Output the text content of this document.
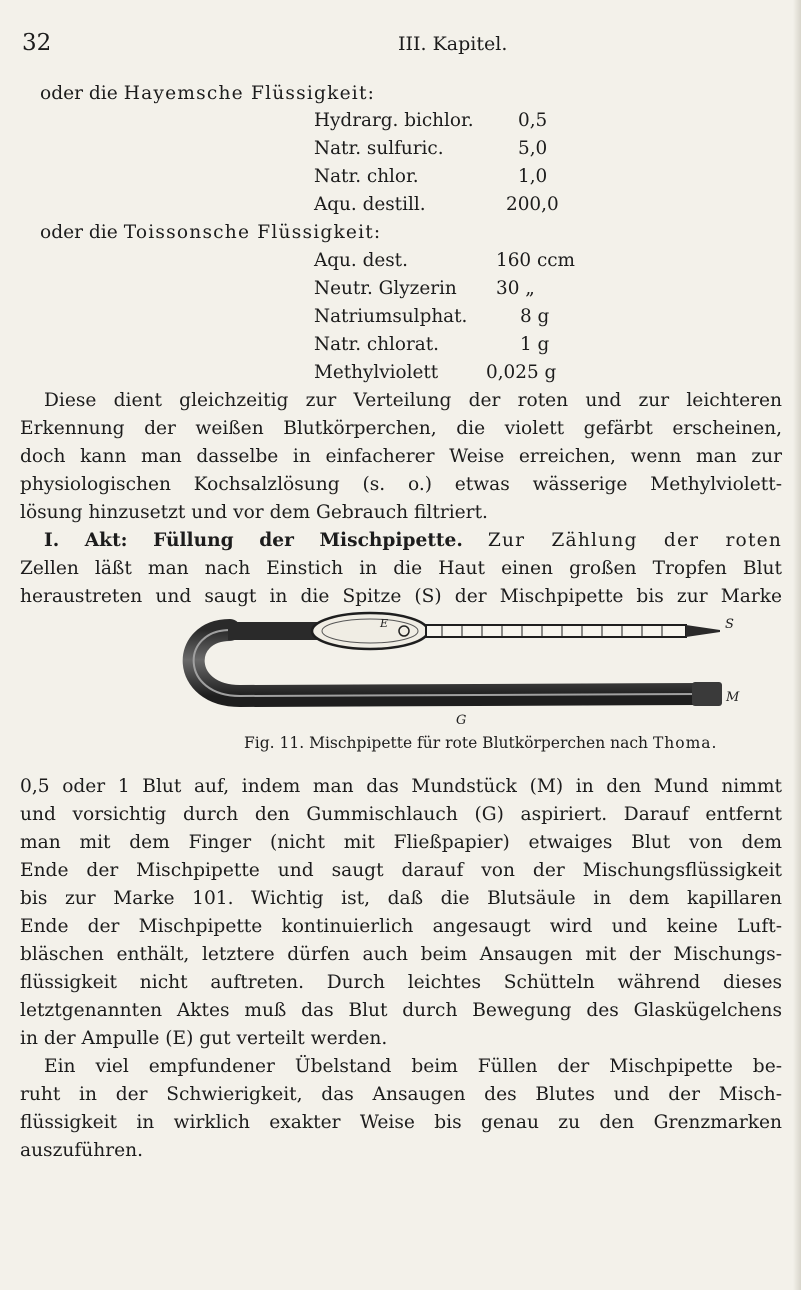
32	III. Kapitel.
oder die Hayemsche Flüssigkeit:
Hydrarg. bichlor. 0,5
Natr. sulfuric.	5,0
Natr. chlor.	1,0
Aqu. destill.	200,0
oder die Toissonsche Flüssigkeit:
Aqu. dest.	160 ccm
Neutr. Glyzerin 30 „
Natriumsulphat.	8 g
Natr. chlorat.	1 g
Methylviolett	0,025 g
Diese dient gleichzeitig zur Verteilung der roten und zur leichteren
Erkennung der weißen Blutkörperchen, die violett gefärbt erscheinen,
doch kann man dasselbe in einfacherer Weise erreichen, wenn man zur
physiologischen Kochsalzlösung (s. o.) etwas wässerige Methylviolett-
lösung hinzusetzt und vor dem Gebrauch filtriert.
I. Akt: Füllung der Mischpipette. Zur Zählung der roten
Zellen läßt man nach Einstich in die Haut einen großen Tropfen Blut
heraustreten und saugt in die Spitze (S) der Mischpipette bis zur Marke
S
M
G
E
Fig. 11. Mischpipette für rote Blutkörperchen nach Thoma.
0,5 oder 1 Blut auf, indem man das Mundstück (M) in den Mund nimmt
und vorsichtig durch den Gummischlauch (G) aspiriert. Darauf entfernt
man mit dem Finger (nicht mit Fließpapier) etwaiges Blut von dem
Ende der Mischpipette und saugt darauf von der Mischungsflüssigkeit
bis zur Marke 101. Wichtig ist, daß die Blutsäule in dem kapillaren
Ende der Mischpipette kontinuierlich angesaugt wird und keine Luft-
bläschen enthält, letztere dürfen auch beim Ansaugen mit der Mischungs-
flüssigkeit nicht auftreten. Durch leichtes Schütteln während dieses
letztgenannten Aktes muß das Blut durch Bewegung des Glaskügelchens
in der Ampulle (E) gut verteilt werden.
Ein viel empfundener Übelstand beim Füllen der Mischpipette be-
ruht in der Schwierigkeit, das Ansaugen des Blutes und der Misch-
flüssigkeit in wirklich exakter Weise bis genau zu den Grenzmarken
auszuführen.
